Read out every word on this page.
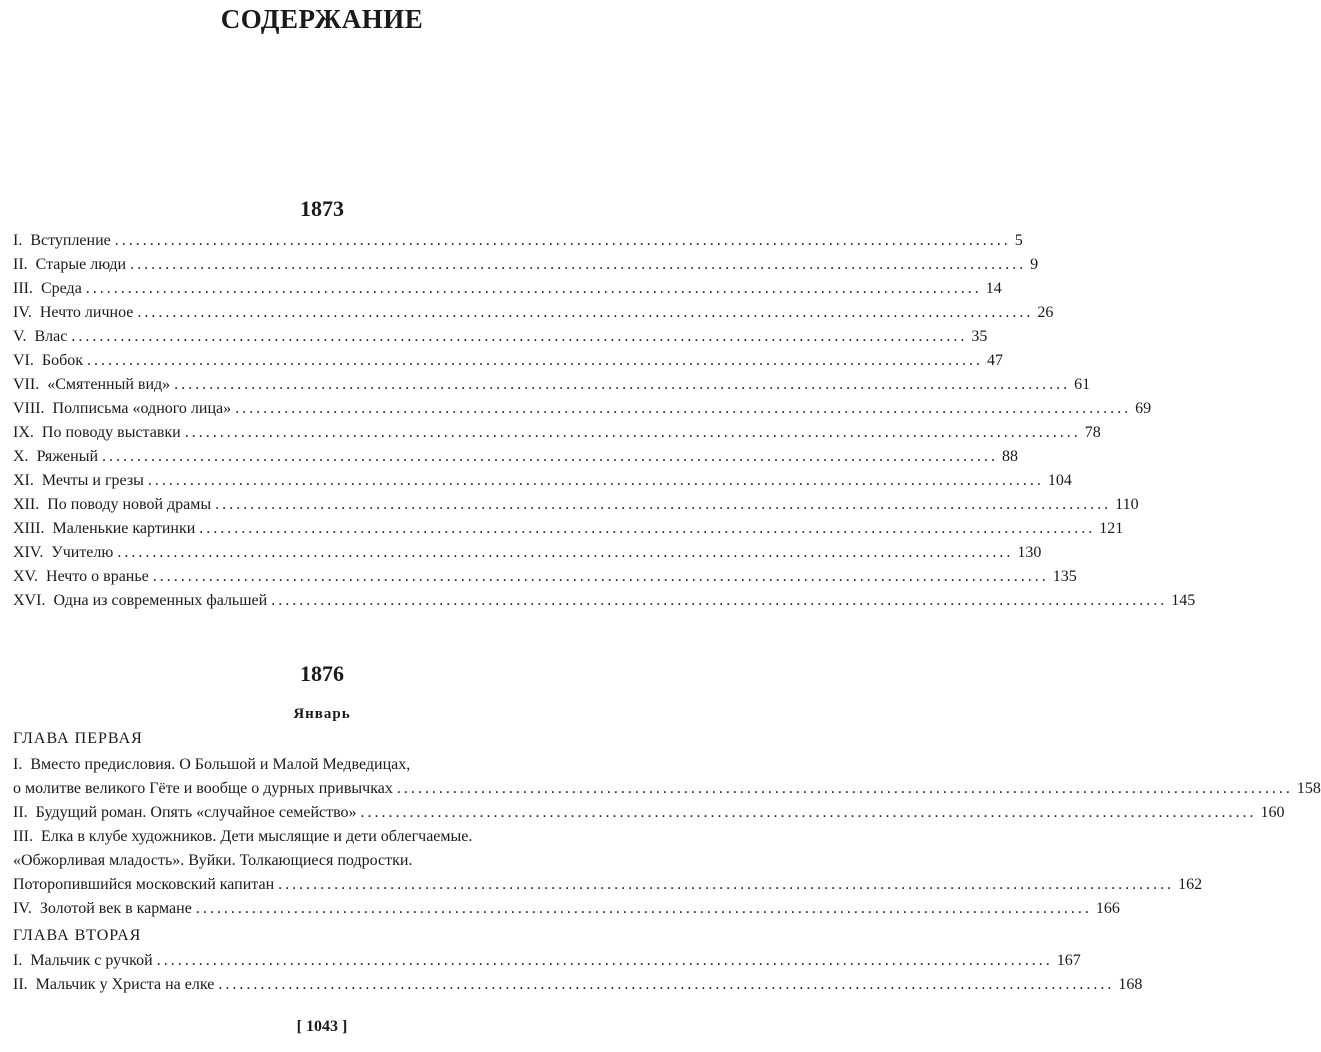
СОДЕРЖАНИЕ
1873
I.
Вступление ................................................................................................................................ 5
II.
Старые люди ................................................................................................................................ 9
III.
Среда ................................................................................................................................ 14
IV.
Нечто личное ................................................................................................................................ 26
V.
Влас ................................................................................................................................ 35
VI.
Бобок ................................................................................................................................ 47
VII.
«Смятенный вид» ................................................................................................................................ 61
VIII.
Полписьма «одного лица» ................................................................................................................................ 69
IX.
По поводу выставки ................................................................................................................................ 78
X.
Ряженый ................................................................................................................................ 88
XI.
Мечты и грезы ................................................................................................................................ 104
XII.
По поводу новой драмы ................................................................................................................................ 110
XIII.
Маленькие картинки ................................................................................................................................ 121
XIV.
Учителю ................................................................................................................................ 130
XV.
Нечто о вранье ................................................................................................................................ 135
XVI.
Одна из современных фальшей ................................................................................................................................ 145
1876
Январь
ГЛАВА ПЕРВАЯ
I.
Вместо предисловия. О Большой и Малой Медведицах,
о молитве великого Гёте и вообще о дурных привычках ................................................................................................................................ 158
II.
Будущий роман. Опять «случайное семейство» ................................................................................................................................ 160
III.
Елка в клубе художников. Дети мыслящие и дети облегчаемые.
«Обжорливая младость». Вуйки. Толкающиеся подростки.
Поторопившийся московский капитан ................................................................................................................................ 162
IV.
Золотой век в кармане ................................................................................................................................ 166
ГЛАВА ВТОРАЯ
I.
Мальчик с ручкой ................................................................................................................................ 167
II.
Мальчик у Христа на елке ................................................................................................................................ 168
[ 1043 ]
